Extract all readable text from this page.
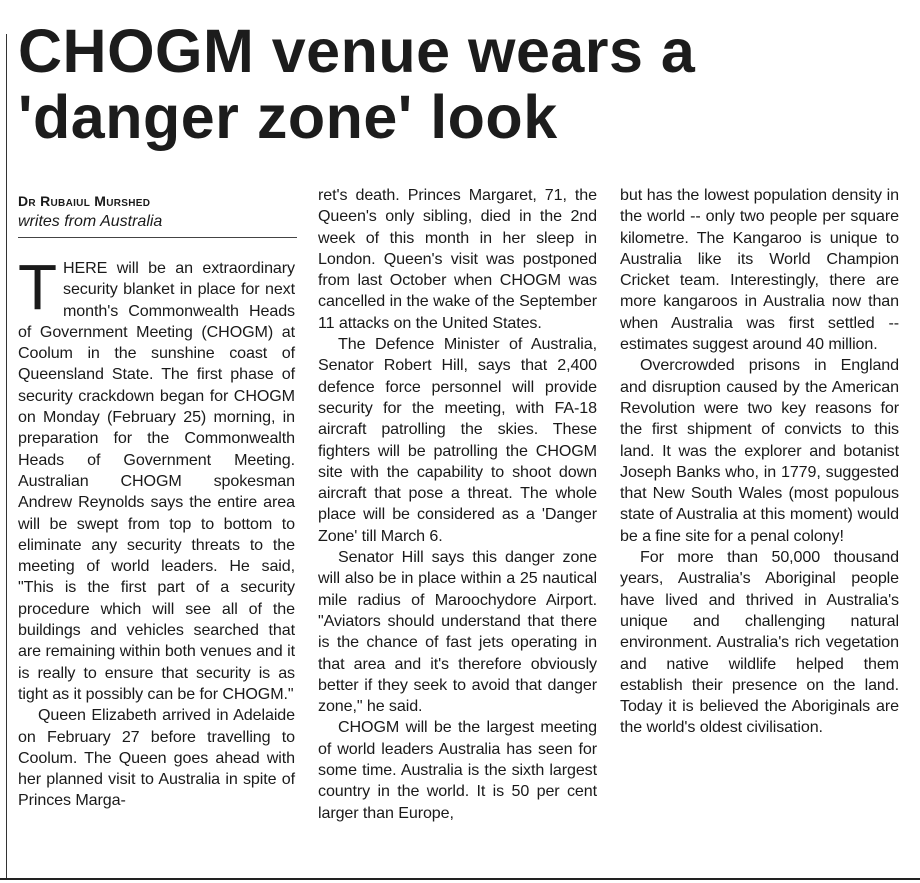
CHOGM venue wears a 'danger zone' look
Dr Rubaiul Murshed
writes from Australia

THERE will be an extraordinary security blanket in place for next month's Commonwealth Heads of Government Meeting (CHOGM) at Coolum in the sunshine coast of Queensland State. The first phase of security crackdown began for CHOGM on Monday (February 25) morning, in preparation for the Commonwealth Heads of Government Meeting. Australian CHOGM spokesman Andrew Reynolds says the entire area will be swept from top to bottom to eliminate any security threats to the meeting of world leaders. He said, "This is the first part of a security procedure which will see all of the buildings and vehicles searched that are remaining within both venues and it is really to ensure that security is as tight as it possibly can be for CHOGM."

Queen Elizabeth arrived in Adelaide on February 27 before travelling to Coolum. The Queen goes ahead with her planned visit to Australia in spite of Princes Marga-

ret's death. Princes Margaret, 71, the Queen's only sibling, died in the 2nd week of this month in her sleep in London. Queen's visit was postponed from last October when CHOGM was cancelled in the wake of the September 11 attacks on the United States.

The Defence Minister of Australia, Senator Robert Hill, says that 2,400 defence force personnel will provide security for the meeting, with FA-18 aircraft patrolling the skies. These fighters will be patrolling the CHOGM site with the capability to shoot down aircraft that pose a threat. The whole place will be considered as a 'Danger Zone' till March 6.

Senator Hill says this danger zone will also be in place within a 25 nautical mile radius of Maroochydore Airport. "Aviators should understand that there is the chance of fast jets operating in that area and it's therefore obviously better if they seek to avoid that danger zone," he said.

CHOGM will be the largest meeting of world leaders Australia has seen for some time. Australia is the sixth largest country in the world. It is 50 per cent larger than Europe,

but has the lowest population density in the world -- only two people per square kilometre. The Kangaroo is unique to Australia like its World Champion Cricket team. Interestingly, there are more kangaroos in Australia now than when Australia was first settled -- estimates suggest around 40 million.

Overcrowded prisons in England and disruption caused by the American Revolution were two key reasons for the first shipment of convicts to this land. It was the explorer and botanist Joseph Banks who, in 1779, suggested that New South Wales (most populous state of Australia at this moment) would be a fine site for a penal colony!

For more than 50,000 thousand years, Australia's Aboriginal people have lived and thrived in Australia's unique and challenging natural environment. Australia's rich vegetation and native wildlife helped them establish their presence on the land. Today it is believed the Aboriginals are the world's oldest civilisation.
